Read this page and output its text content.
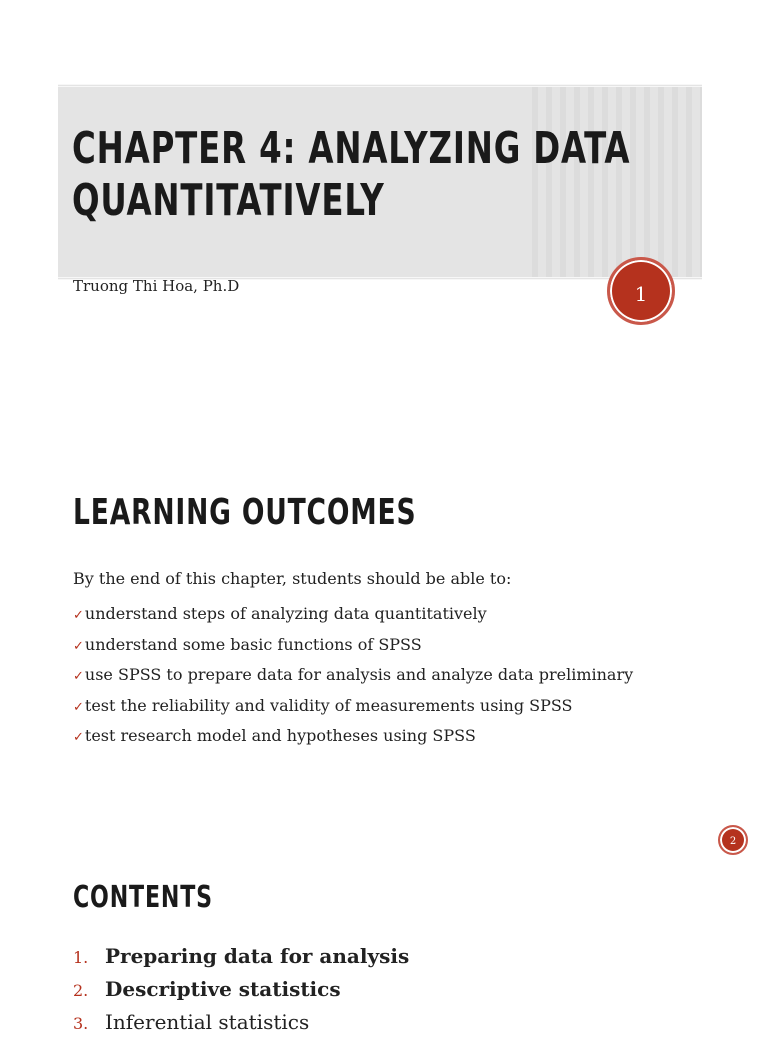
CHAPTER 4: ANALYZING DATA
QUANTITATIVELY
Truong Thi Hoa, Ph.D	1
LEARNING OUTCOMES
By the end of this chapter, students should be able to:
✓understand steps of analyzing data quantitatively
✓understand some basic functions of SPSS
✓use SPSS to prepare data for analysis and analyze data preliminary
✓test the reliability and validity of measurements using SPSS
✓test research model and hypotheses using SPSS
2
CONTENTS
1. Preparing data for analysis
2. Descriptive statistics
3. Inferential statistics
